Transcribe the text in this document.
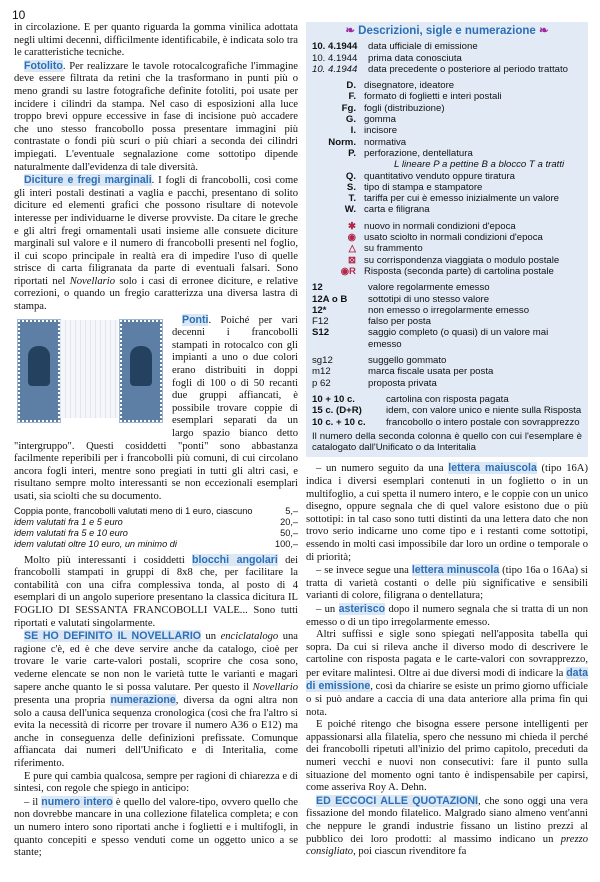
10

in circolazione. E per quanto riguarda la gomma vinilica adottata negli ultimi decenni, difficilmente identificabile, è indicata solo tra le caratteristiche tecniche.

Fotolito. Per realizzare le tavole rotocalcografiche l'immagine deve essere filtrata da retini che la trasformano in punti più o meno grandi su lastre fotografiche definite fotoliti, poi usate per incidere i cilindri da stampa. Nel caso di esposizioni alla luce troppo brevi oppure eccessive in fase di incisione può accadere che uno stesso francobollo possa presentare immagini più contrastate o fondi più scuri o più chiari a seconda dei cilindri impiegati. L'eventuale segnalazione come sottotipo dipende naturalmente dall'evidenza di tale diversità.

Diciture e fregi marginali. I fogli di francobolli, così come gli interi postali destinati a vaglia e pacchi, presentano di solito diciture ed elementi grafici che possono risultare di notevole interesse per individuarne le diverse provviste. Da citare le greche e gli altri fregi ornamentali usati insieme alle consuete diciture marginali sul valore e il numero di francobolli presenti nel foglio, il cui scopo principale in realtà era di impedire l'uso di quelle strisce di carta filigranata da parte di eventuali falsari. Sono riportati nel Novellario solo i casi di erronee diciture, e relative correzioni, o quando un fregio caratterizza una diversa lastra di stampa.

Ponti. Poiché per vari decenni i francobolli stampati in rotocalco con gli impianti a uno o due colori erano distribuiti in doppi fogli di 100 o di 50 recanti due gruppi affiancati, è possibile trovare coppie di esemplari separati da un largo spazio bianco detto "intergruppo". Questi cosiddetti "ponti" sono abbastanza facilmente reperibili per i francobolli più comuni, di cui circolano ancora fogli interi, mentre sono pregiati in tutti gli altri casi, e risultano sempre molto interessanti se non eccezionali esemplari usati, sia sciolti che su documento.

Coppia ponte, francobolli valutati meno di 1 euro, ciascuno	5,–
idem valutati fra 1 e 5 euro	20,–
idem valutati fra 5 e 10 euro	50,–
idem valutati oltre 10 euro, un minimo di	100,–

Molto più interessanti i cosiddetti blocchi angolari dei francobolli stampati in gruppi di 8x8 che, per facilitare la contabilità con una cifra complessiva tonda, al posto di 4 esemplari di un angolo superiore presentano la classica dicitura IL FOGLIO DI SESSANTA FRANCOBOLLI VALE... Sono tutti riportati e valutati singolarmente.

SE HO DEFINITO IL NOVELLARIO un enciclatalogo una ragione c'è, ed è che deve servire anche da catalogo, cioè per trovare le varie carte-valori postali, scoprire che cosa sono, vederne elencate se non non le varietà tutte le varianti e magari sapere anche quanto le si possa valutare. Per questo il Novellario presenta una propria numerazione, diversa da ogni altra non solo a causa dell'unica sequenza cronologica (così che fra l'altro si evita la necessità di ricorre per trovare il numero A36 o E12) ma anche in conseguenza delle definizioni prefissate. Comunque affiancata dai numeri dell'Unificato e di Interitalia, come riferimento.

E pure qui cambia qualcosa, sempre per ragioni di chiarezza e di sintesi, con regole che spiego in anticipo:

– il numero intero è quello del valore-tipo, ovvero quello che non dovrebbe mancare in una collezione filatelica completa; e con un numero intero sono riportati anche i foglietti e i multifogli, in quanto concepiti e spesso venduti come un oggetto unico a se stante;

❧ Descrizioni, sigle e numerazione ❧
10. 4.1944	data ufficiale di emissione
10. 4.1944	prima data conosciuta
10. 4.1944	data precedente o posteriore al periodo trattato
D. disegnatore, ideatore
F. formato di foglietti e interi postali
Fg. fogli (distribuzione)
G. gomma
I. incisore
Norm. normativa
P. perforazione, dentellatura
L lineare P a pettine B a blocco T a tratti
Q. quantitativo venduto oppure tiratura
S. tipo di stampa e stampatore
T. tariffa per cui è emesso inizialmente un valore
W. carta e filigrana
✱ nuovo in normali condizioni d'epoca
◉ usato sciolto in normali condizioni d'epoca
△ su frammento
⊠ su corrispondenza viaggiata o modulo postale
◉R Risposta (seconda parte) di cartolina postale
12	valore regolarmente emesso
12A o B	sottotipi di uno stesso valore
12*	non emesso o irregolarmente emesso
F12	falso per posta
S12	saggio completo (o quasi) di un valore mai emesso
sg12	suggello gommato
m12	marca fiscale usata per posta
p 62	proposta privata
10 + 10 c.	cartolina con risposta pagata
15 c. (D+R)	idem, con valore unico e niente sulla Risposta
10 c. + 10 c.	francobollo o intero postale con sovrapprezzo
Il numero della seconda colonna è quello con cui l'esemplare è catalogato dall'Unificato o da Interitalia

– un numero seguito da una lettera maiuscola (tipo 16A) indica i diversi esemplari contenuti in un foglietto o in un multifoglio, a cui spetta il numero intero, e le coppie con un unico disegno, oppure segnala che di quel valore esistono due o più sottotipi: in tal caso sono tutti distinti da una lettera dato che non trovo serio indicarne uno come tipo e i restanti come sottotipi, essendo in molti casi impossibile dar loro un ordine o temporale o di priorità;

– se invece segue una lettera minuscola (tipo 16a o 16Aa) si tratta di varietà costanti o delle più significative e sensibili varianti di colore, filigrana o dentellatura;

– un asterisco dopo il numero segnala che si tratta di un non emesso o di un tipo irregolarmente emesso.

Altri suffissi e sigle sono spiegati nell'apposita tabella qui sopra. Da cui si rileva anche il diverso modo di descrivere le cartoline con risposta pagata e le carte-valori con sovrapprezzo, per evitare malintesi. Oltre ai due diversi modi di indicare la data di emissione, così da chiarire se esiste un primo giorno ufficiale o si può andare a caccia di una data anteriore alla prima fin qui nota.

E poiché ritengo che bisogna essere persone intelligenti per appassionarsi alla filatelia, spero che nessuno mi chieda il perché dei francobolli ripetuti all'inizio del primo capitolo, preceduti da numeri vecchi e nuovi non consecutivi: fare il punto sulla situazione del momento ogni tanto è indispensabile per capirsi, come asseriva Roy A. Dehn.

ED ECCOCI ALLE QUOTAZIONI, che sono oggi una vera fissazione del mondo filatelico. Malgrado siano almeno vent'anni che neppure le grandi industrie fissano un listino prezzi al pubblico dei loro prodotti: al massimo indicano un prezzo consigliato, poi ciascun rivenditore fa
